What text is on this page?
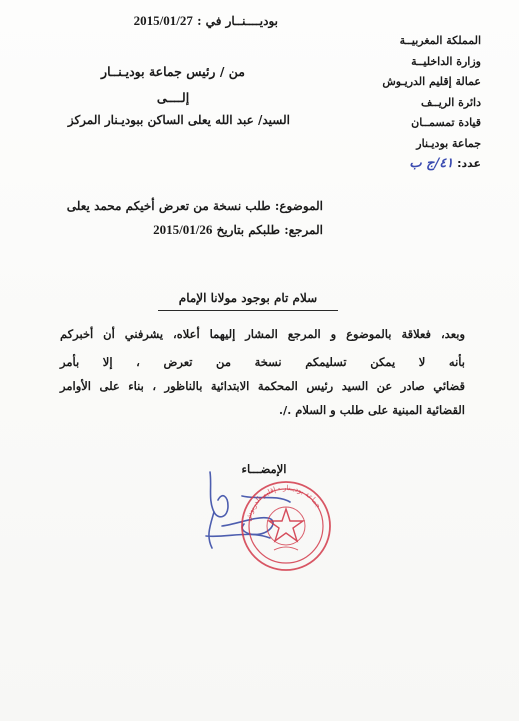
المملكة المغربيــة
وزارة الداخليــة
عمالة إقليم الدريـوش
دائرة الريــف
قيادة تمسمــان
جماعة بوديـنار
عدد: ٤١/ج ب
بوديــــنــار في : 2015/01/27
من / رئيس جماعة بوديـنــار
إلــــى
السيد/ عبد الله يعلى الساكن ببوديـنار المركز
الموضوع: طلب نسخة من تعرض أخيكم محمد يعلى
المرجع: طلبكم بتاريخ 2015/01/26
سلام تام بوجود مولانا الإمام
وبعد، فعلاقة بالموضوع و المرجع المشار إليهما أعلاه، يشرفني أن أخبركم
بأنه لا يمكن تسليمكم نسخة من تعرض ، إلا بأمر
قضائي صادر عن السيد رئيس المحكمة الابتدائية بالناظور ، بناء على الأوامر
القضائية المبنية على طلب و السلام ./.
الإمضـــاء
جماعة بوديـنار - إقليم الدريوش
